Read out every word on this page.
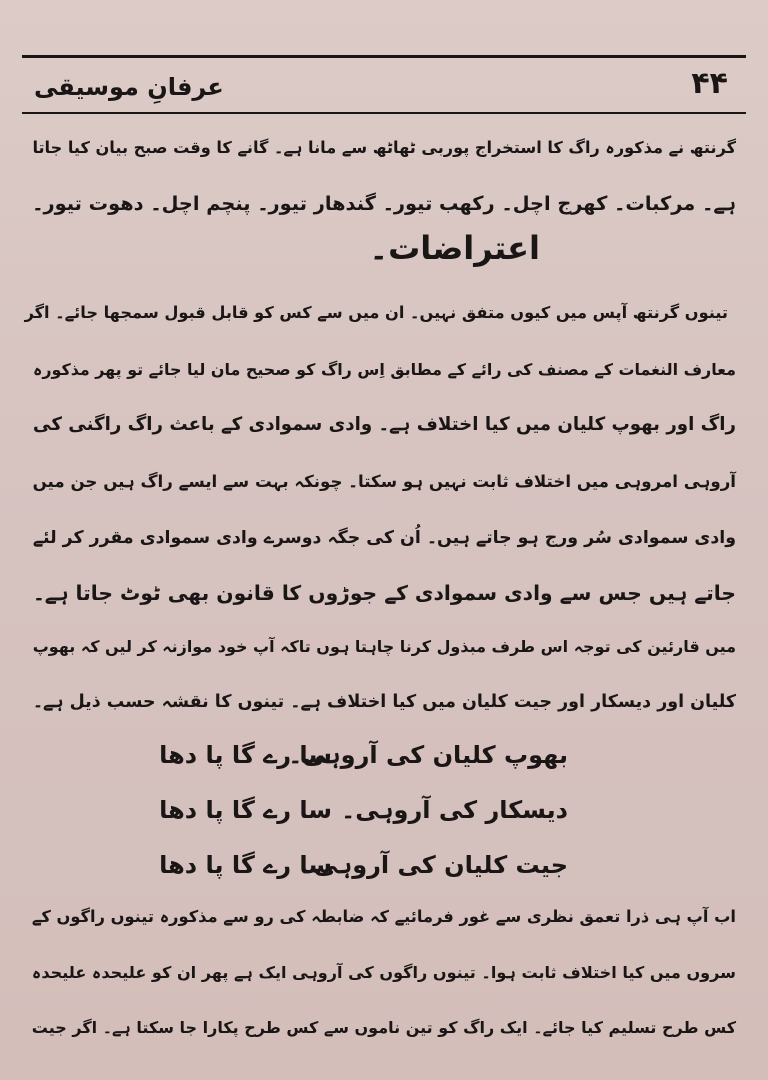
۴۴
عرفانِ موسیقی
گرنتھ نے مذکورہ راگ کا استخراج پوربی ٹھاٹھ سے مانا ہے۔ گانے کا وقت صبح بیان کیا جاتا
ہے۔ مرکبات۔ کھرج اچل۔ رکھب تیور۔ گندھار تیور۔ پنچم اچل۔ دھوت تیور۔
اعتراضات۔
تینوں گرنتھ آپس میں کیوں متفق نہیں۔ ان میں سے کس کو قابل قبول سمجھا جائے۔ اگر
معارف النغمات کے مصنف کی رائے کے مطابق اِس راگ کو صحیح مان لیا جائے تو پھر مذکورہ
راگ اور بھوپ کلیان میں کیا اختلاف ہے۔ وادی سموادی کے باعث راگ راگنی کی
آروہی امروہی میں اختلاف ثابت نہیں ہو سکتا۔ چونکہ بہت سے ایسے راگ ہیں جن میں
وادی سموادی سُر ورج ہو جاتے ہیں۔ اُن کی جگہ دوسرے وادی سموادی مقرر کر لئے
جاتے ہیں جس سے وادی سموادی کے جوڑوں کا قانون بھی ٹوٹ جاتا ہے۔
میں قارئین کی توجہ اس طرف مبذول کرنا چاہتا ہوں تاکہ آپ خود موازنہ کر لیں کہ بھوپ
کلیان اور دیسکار اور جیت کلیان میں کیا اختلاف ہے۔ تینوں کا نقشہ حسب ذیل ہے۔
بھوپ کلیان کی آروہی۔
سا رے گا پا دھا
دیسکار کی آروہی۔
سا رے گا پا دھا
جیت کلیان کی آروہی۔
سا رے گا پا دھا
اب آپ ہی ذرا تعمق نظری سے غور فرمائیے کہ ضابطہ کی رو سے مذکورہ تینوں راگوں کے
سروں میں کیا اختلاف ثابت ہوا۔ تینوں راگوں کی آروہی ایک ہے پھر ان کو علیحدہ علیحدہ
کس طرح تسلیم کیا جائے۔ ایک راگ کو تین ناموں سے کس طرح پکارا جا سکتا ہے۔ اگر جیت
